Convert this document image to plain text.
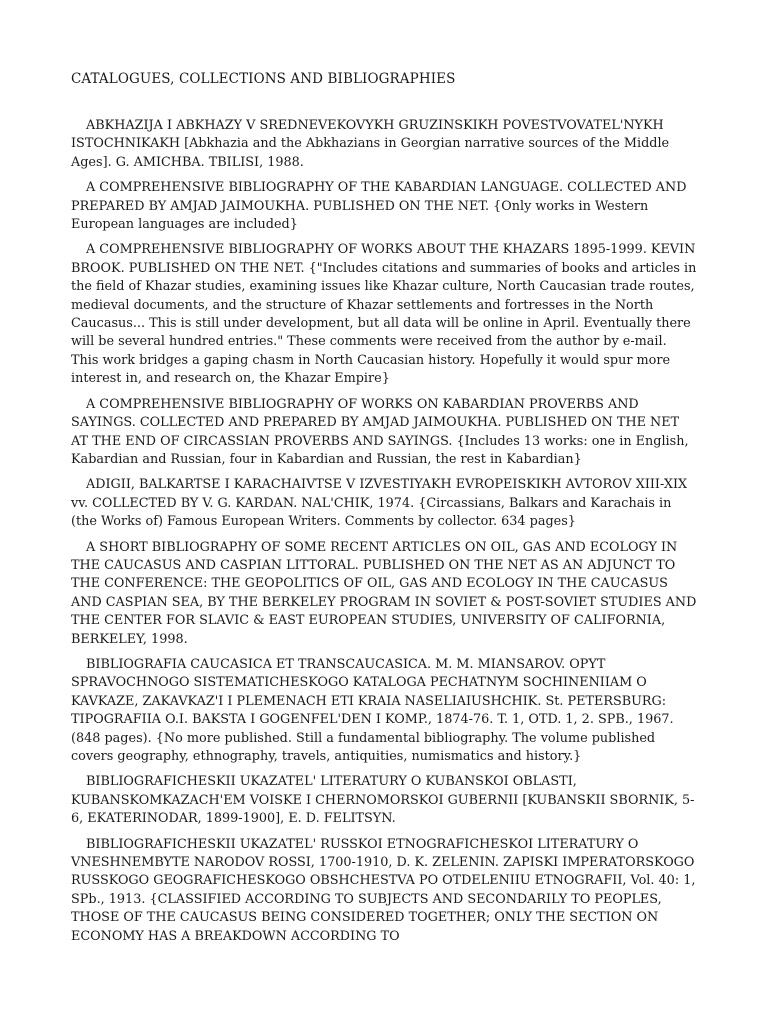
CATALOGUES, COLLECTIONS AND BIBLIOGRAPHIES

ABKHAZIJA I ABKHAZY V SREDNEVEKOVYKH GRUZINSKIKH POVESTVOVATEL'NYKH ISTOCHNIKAKH [Abkhazia and the Abkhazians in Georgian narrative sources of the Middle Ages]. G. AMICHBA. TBILISI, 1988.

A COMPREHENSIVE BIBLIOGRAPHY OF THE KABARDIAN LANGUAGE. COLLECTED AND PREPARED BY AMJAD JAIMOUKHA. PUBLISHED ON THE NET. {Only works in Western European languages are included}

A COMPREHENSIVE BIBLIOGRAPHY OF WORKS ABOUT THE KHAZARS 1895-1999. KEVIN BROOK. PUBLISHED ON THE NET. {"Includes citations and summaries of books and articles in the field of Khazar studies, examining issues like Khazar culture, North Caucasian trade routes, medieval documents, and the structure of Khazar settlements and fortresses in the North Caucasus... This is still under development, but all data will be online in April. Eventually there will be several hundred entries." These comments were received from the author by e-mail. This work bridges a gaping chasm in North Caucasian history. Hopefully it would spur more interest in, and research on, the Khazar Empire}

A COMPREHENSIVE BIBLIOGRAPHY OF WORKS ON KABARDIAN PROVERBS AND SAYINGS. COLLECTED AND PREPARED BY AMJAD JAIMOUKHA. PUBLISHED ON THE NET AT THE END OF CIRCASSIAN PROVERBS AND SAYINGS. {Includes 13 works: one in English, Kabardian and Russian, four in Kabardian and Russian, the rest in Kabardian}

ADIGII, BALKARTSE I KARACHAIVTSE V IZVESTIYAKH EVROPEISKIKH AVTOROV XIII-XIX vv. COLLECTED BY V. G. KARDAN. NAL'CHIK, 1974. {Circassians, Balkars and Karachais in (the Works of) Famous European Writers. Comments by collector. 634 pages}

A SHORT BIBLIOGRAPHY OF SOME RECENT ARTICLES ON OIL, GAS AND ECOLOGY IN THE CAUCASUS AND CASPIAN LITTORAL. PUBLISHED ON THE NET AS AN ADJUNCT TO THE CONFERENCE: THE GEOPOLITICS OF OIL, GAS AND ECOLOGY IN THE CAUCASUS AND CASPIAN SEA, BY THE BERKELEY PROGRAM IN SOVIET & POST-SOVIET STUDIES AND THE CENTER FOR SLAVIC & EAST EUROPEAN STUDIES, UNIVERSITY OF CALIFORNIA, BERKELEY, 1998.

BIBLIOGRAFIA CAUCASICA ET TRANSCAUCASICA. M. M. MIANSAROV. OPYT SPRAVOCHNOGO SISTEMATICHESKOGO KATALOGA PECHATNYM SOCHINENIIAM O KAVKAZE, ZAKAVKAZ'I I PLEMENACH ETI KRAIA NASELIAIUSHCHIK. St. PETERSBURG: TIPOGRAFIIA O.I. BAKSTA I GOGENFEL'DEN I KOMP., 1874-76. T. 1, OTD. 1, 2. SPB., 1967. (848 pages). {No more published. Still a fundamental bibliography. The volume published covers geography, ethnography, travels, antiquities, numismatics and history.}

BIBLIOGRAFICHESKII UKAZATEL' LITERATURY O KUBANSKOI OBLASTI, KUBANSKOMKAZACH'EM VOISKE I CHERNOMORSKOI GUBERNII [KUBANSKII SBORNIK, 5-6, EKATERINODAR, 1899-1900], E. D. FELITSYN.

BIBLIOGRAFICHESKII UKAZATEL' RUSSKOI ETNOGRAFICHESKOI LITERATURY O VNESHNEMBYTE NARODOV ROSSI, 1700-1910, D. K. ZELENIN. ZAPISKI IMPERATORSKOGO RUSSKOGO GEOGRAFICHESKOGO OBSHCHESTVA PO OTDELENIIU ETNOGRAFII, Vol. 40: 1, SPb., 1913. {CLASSIFIED ACCORDING TO SUBJECTS AND SECONDARILY TO PEOPLES, THOSE OF THE CAUCASUS BEING CONSIDERED TOGETHER; ONLY THE SECTION ON ECONOMY HAS A BREAKDOWN ACCORDING TO
